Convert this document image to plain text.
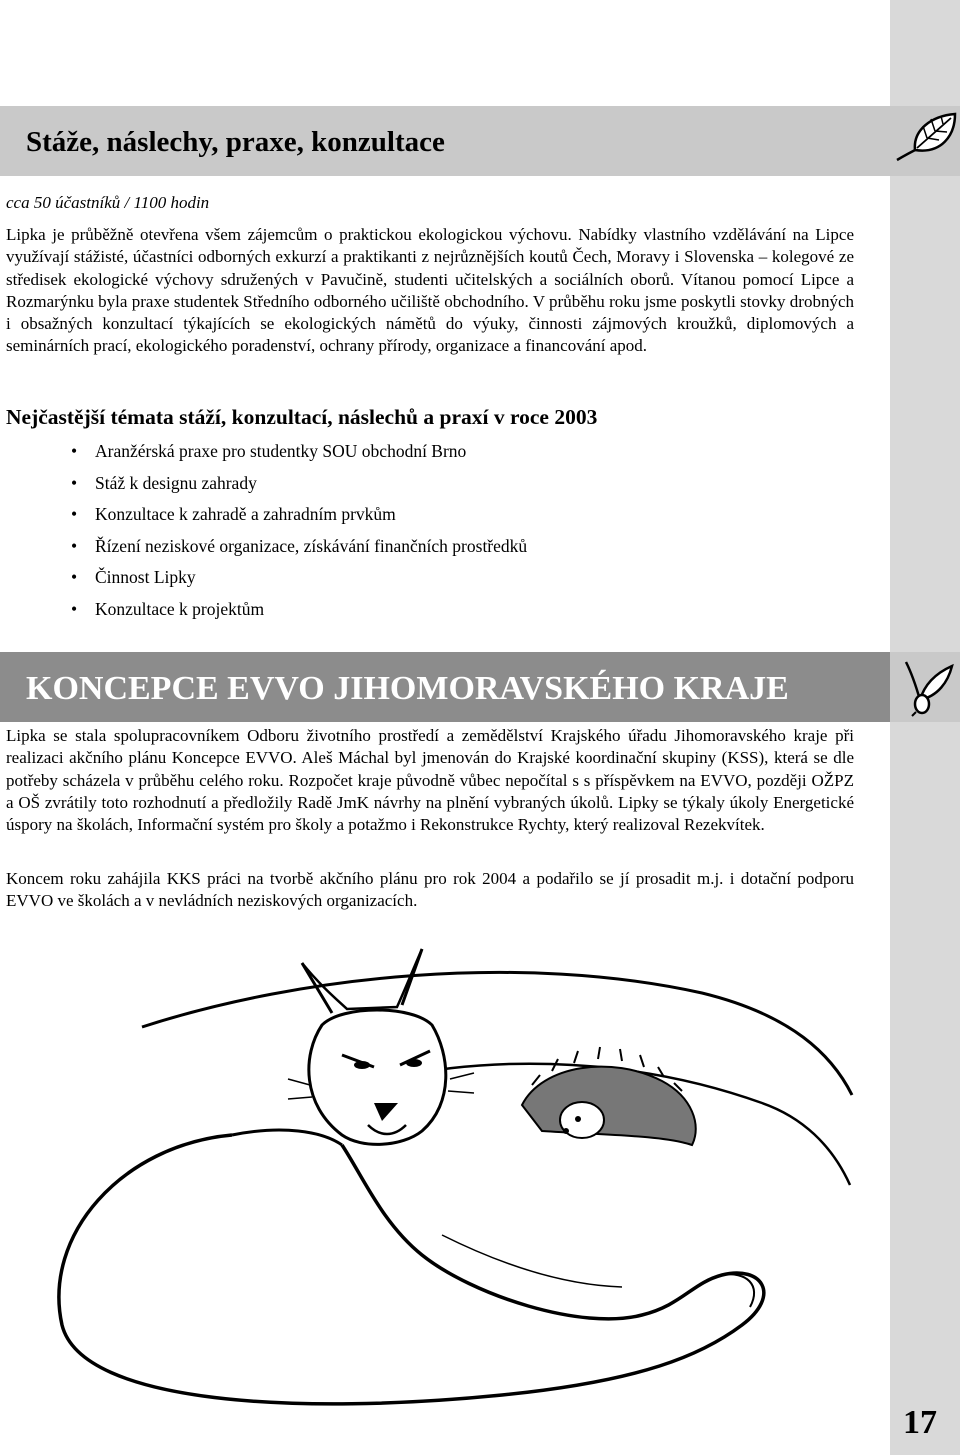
Stáže, náslechy, praxe, konzultace
cca 50 účastníků / 1100 hodin

Lipka je průběžně otevřena všem zájemcům o praktickou ekologickou výchovu. Nabídky vlastního vzdělávání na Lipce využívají stážisté, účastníci odborných exkurzí a praktikanti z nejrůznějších koutů Čech, Moravy i Slovenska – kolegové ze středisek ekologické výchovy sdružených v Pavučině, studenti učitelských a sociálních oborů. Vítanou pomocí Lipce a Rozmarýnku byla praxe studentek Středního odborného učiliště obchodního. V průběhu roku jsme poskytli stovky drobných i obsažných konzultací týkajících se ekologických námětů do výuky, činnosti zájmových kroužků, diplomových a seminárních prací, ekologického poradenství, ochrany přírody, organizace a financování apod.

Nejčastější témata stáží, konzultací, náslechů a praxí v roce 2003
• Aranžérská praxe pro studentky SOU obchodní Brno
• Stáž k designu zahrady
• Konzultace k zahradě a zahradním prvkům
• Řízení neziskové organizace, získávání finančních prostředků
• Činnost Lipky
• Konzultace k projektům
KONCEPCE EVVO JIHOMORAVSKÉHO KRAJE

Lipka se stala spolupracovníkem Odboru životního prostředí a zemědělství Krajského úřadu Jihomoravského kraje při realizaci akčního plánu Koncepce EVVO. Aleš Máchal byl jmenován do Krajské koordinační skupiny (KSS), která se dle potřeby scházela v průběhu celého roku. Rozpočet kraje původně vůbec nepočítal s s příspěvkem na EVVO, později OŽPZ a OŠ zvrátily toto rozhodnutí a předložily Radě JmK návrhy na plnění vybraných úkolů. Lipky se týkaly úkoly Energetické úspory na školách, Informační systém pro školy a potažmo i Rekonstrukce Rychty, který realizoval Rezekvítek.

Koncem roku zahájila KKS práci na tvorbě akčního plánu pro rok 2004 a podařilo se jí prosadit m.j. i dotační podporu EVVO ve školách a v nevládních neziskových organizacích.

17
